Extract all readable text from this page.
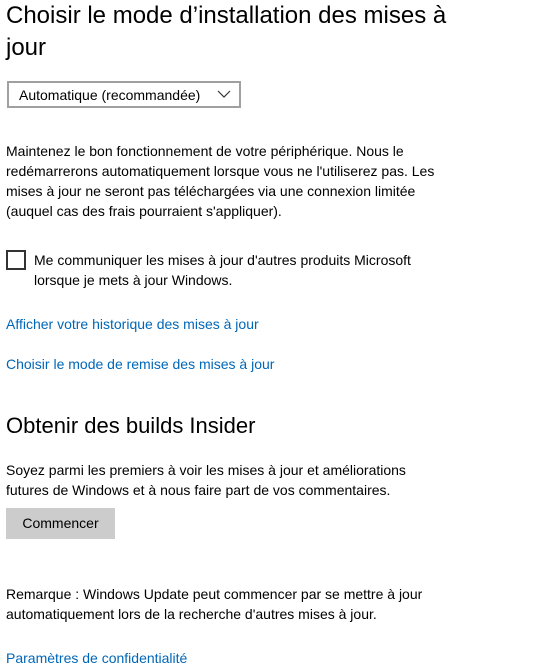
Choisir le mode d’installation des mises à jour
Automatique (recommandée)

Maintenez le bon fonctionnement de votre périphérique. Nous le redémarrerons automatiquement lorsque vous ne l'utiliserez pas. Les mises à jour ne seront pas téléchargées via une connexion limitée (auquel cas des frais pourraient s'appliquer).

Me communiquer les mises à jour d'autres produits Microsoft lorsque je mets à jour Windows.

Afficher votre historique des mises à jour
Choisir le mode de remise des mises à jour
Obtenir des builds Insider

Soyez parmi les premiers à voir les mises à jour et améliorations futures de Windows et à nous faire part de vos commentaires.

Commencer

Remarque : Windows Update peut commencer par se mettre à jour automatiquement lors de la recherche d'autres mises à jour.

Paramètres de confidentialité
